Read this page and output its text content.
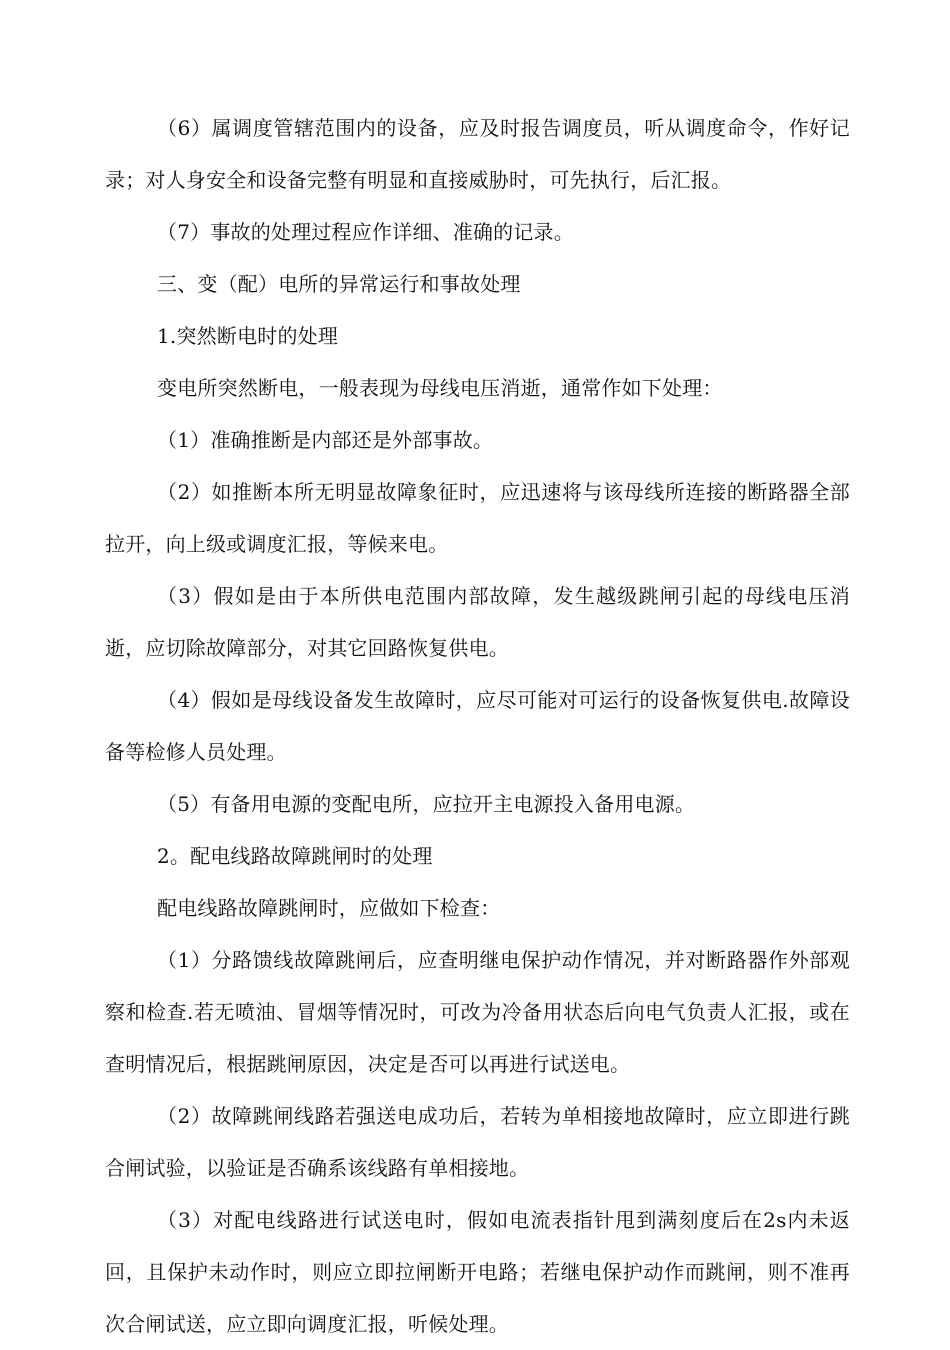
（6）属调度管辖范围内的设备，应及时报告调度员，听从调度命令，作好记录；对人身安全和设备完整有明显和直接威胁时，可先执行，后汇报。

（7）事故的处理过程应作详细、准确的记录。

三、变（配）电所的异常运行和事故处理

1.突然断电时的处理

变电所突然断电，一般表现为母线电压消逝，通常作如下处理：

（1）准确推断是内部还是外部事故。

（2）如推断本所无明显故障象征时，应迅速将与该母线所连接的断路器全部拉开，向上级或调度汇报，等候来电。

（3）假如是由于本所供电范围内部故障，发生越级跳闸引起的母线电压消逝，应切除故障部分，对其它回路恢复供电。

（4）假如是母线设备发生故障时，应尽可能对可运行的设备恢复供电.故障设备等检修人员处理。

（5）有备用电源的变配电所，应拉开主电源投入备用电源。

2。配电线路故障跳闸时的处理

配电线路故障跳闸时，应做如下检查：

（1）分路馈线故障跳闸后，应查明继电保护动作情况，并对断路器作外部观察和检查.若无喷油、冒烟等情况时，可改为冷备用状态后向电气负责人汇报，或在查明情况后，根据跳闸原因，决定是否可以再进行试送电。

（2）故障跳闸线路若强送电成功后，若转为单相接地故障时，应立即进行跳合闸试验，以验证是否确系该线路有单相接地。

（3）对配电线路进行试送电时，假如电流表指针甩到满刻度后在2s内未返回，且保护未动作时，则应立即拉闸断开电路；若继电保护动作而跳闸，则不准再次合闸试送，应立即向调度汇报，听候处理。
